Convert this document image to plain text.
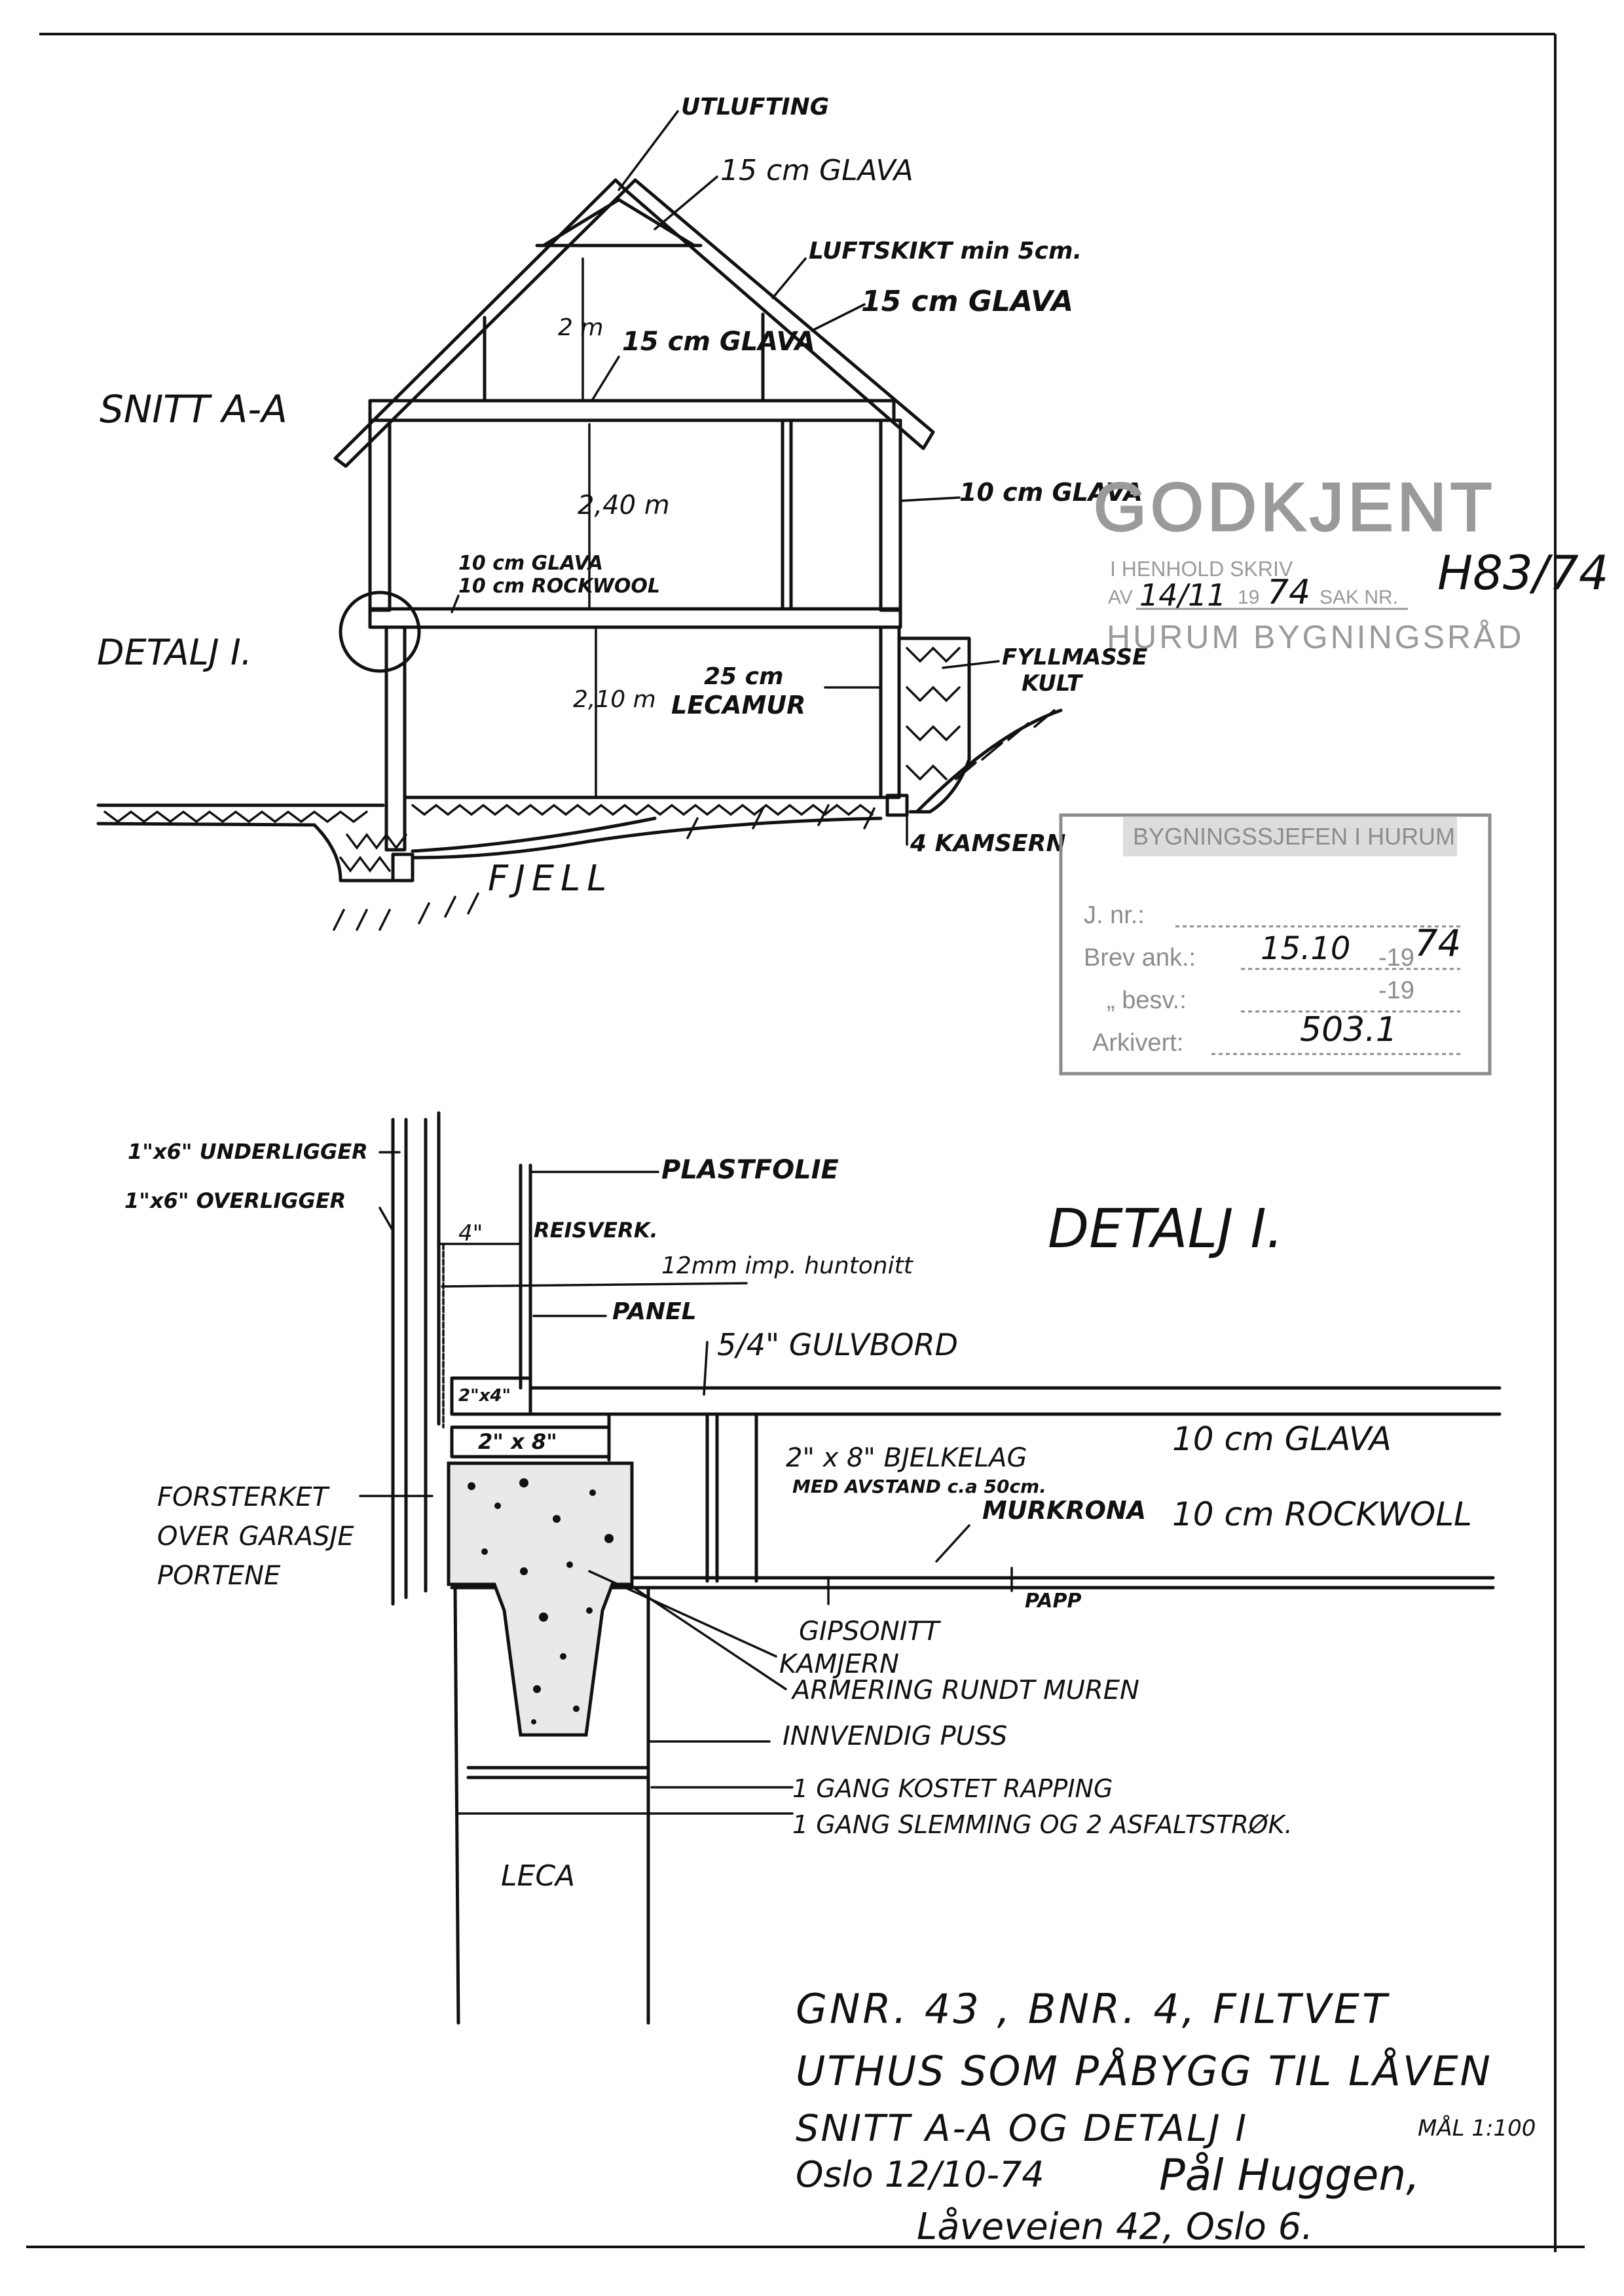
SNITT A-A
UTLUFTING
15 cm GLAVA
LUFTSKIKT min 5cm.
15 cm GLAVA
2 m 15 cm GLAVA
2,40 m	10 cm GLAVA
10 cm GLAVA
10 cm ROCKWOOL
DETALJ I.
2,10 m
25 cm
LECAMUR
FYLLMASSE
KULT
4 KAMSERN
FJELL
GODKJENT
I HENHOLD SKRIV
AV 14/11 19 74 SAK NR. H83/74
HURUM BYGNINGSRÅD
BYGNINGSSJEFEN I HURUM
J. nr.:
Brev ank.: 15.10 -19 74
„ besv.:	-19
Arkivert:	503.1
DETALJ I.
1"x6" UNDERLIGGER
1"x6" OVERLIGGER
PLASTFOLIE
4" REISVERK.
12mm imp. huntonitt
PANEL
5/4" GULVBORD
2"x4"
2" x 8"
2" x 8" BJELKELAG
MED AVSTAND c.a 50cm.
10 cm GLAVA
10 cm ROCKWOLL
MURKRONA
FORSTERKET
OVER GARASJE
PORTENE
GIPSONITT
PAPP
KAMJERN
ARMERING RUNDT MUREN
INNVENDIG PUSS
1 GANG KOSTET RAPPING
1 GANG SLEMMING OG 2 ASFALTSTRØK.
LECA
GNR. 43 , BNR. 4, FILTVET
UTHUS SOM PÅBYGG TIL LÅVEN
SNITT A-A OG DETALJ I	MÅL 1:100
Oslo 12/10-74	Pål Huggen,
Låveveien 42, Oslo 6.
